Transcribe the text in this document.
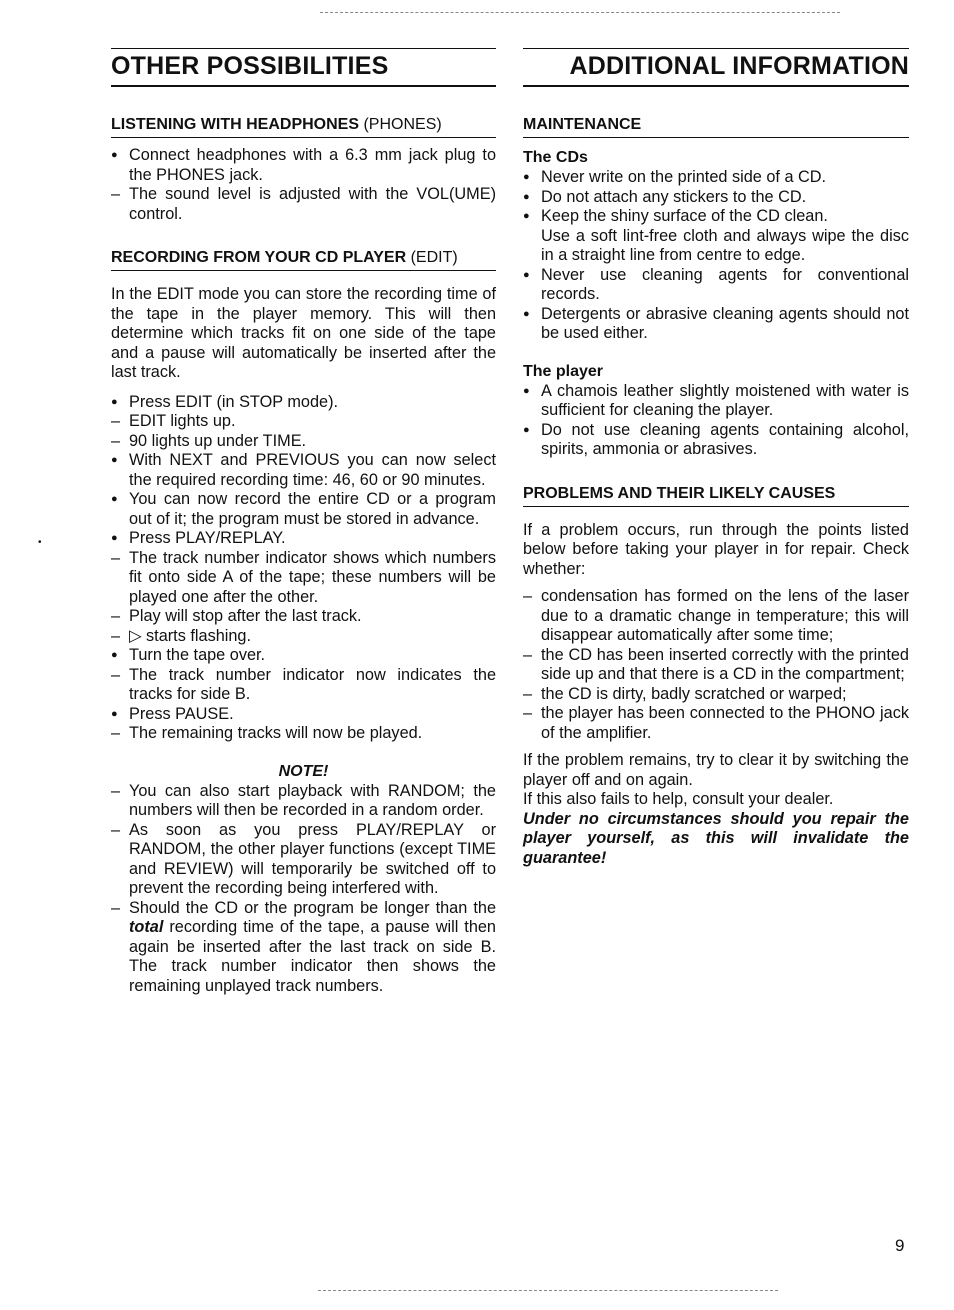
•
OTHER POSSIBILITIES
LISTENING WITH HEADPHONES (PHONES)
● Connect headphones with a 6.3 mm jack plug to the PHONES jack.
– The sound level is adjusted with the VOL(UME) control.
RECORDING FROM YOUR CD PLAYER (EDIT)

In the EDIT mode you can store the recording time of the tape in the player memory. This will then determine which tracks fit on one side of the tape and a pause will automatically be inserted after the last track.

● Press EDIT (in STOP mode).
– EDIT lights up.
– 90 lights up under TIME.
● With NEXT and PREVIOUS you can now select the required recording time: 46, 60 or 90 minutes.
● You can now record the entire CD or a program out of it; the program must be stored in advance.
● Press PLAY/REPLAY.
– The track number indicator shows which numbers fit onto side A of the tape; these numbers will be played one after the other.
– Play will stop after the last track.
– ▷ starts flashing.
● Turn the tape over.
– The track number indicator now indicates the tracks for side B.
● Press PAUSE.
– The remaining tracks will now be played.
NOTE!
– You can also start playback with RANDOM; the numbers will then be recorded in a random order.
– As soon as you press PLAY/REPLAY or RANDOM, the other player functions (except TIME and REVIEW) will temporarily be switched off to prevent the recording being interfered with.
– Should the CD or the program be longer than the total recording time of the tape, a pause will then again be inserted after the last track on side B. The track number indicator then shows the remaining unplayed track numbers.
ADDITIONAL INFORMATION
MAINTENANCE
The CDs
● Never write on the printed side of a CD.
● Do not attach any stickers to the CD.
● Keep the shiny surface of the CD clean.
Use a soft lint-free cloth and always wipe the disc in a straight line from centre to edge.
● Never use cleaning agents for conventional records.
● Detergents or abrasive cleaning agents should not be used either.
The player
● A chamois leather slightly moistened with water is sufficient for cleaning the player.
● Do not use cleaning agents containing alcohol, spirits, ammonia or abrasives.
PROBLEMS AND THEIR LIKELY CAUSES

If a problem occurs, run through the points listed below before taking your player in for repair. Check whether:

– condensation has formed on the lens of the laser due to a dramatic change in temperature; this will disappear automatically after some time;
– the CD has been inserted correctly with the printed side up and that there is a CD in the compartment;
– the CD is dirty, badly scratched or warped;
– the player has been connected to the PHONO jack of the amplifier.

If the problem remains, try to clear it by switching the player off and on again.

If this also fails to help, consult your dealer.

Under no circumstances should you repair the player yourself, as this will invalidate the guarantee!

9
